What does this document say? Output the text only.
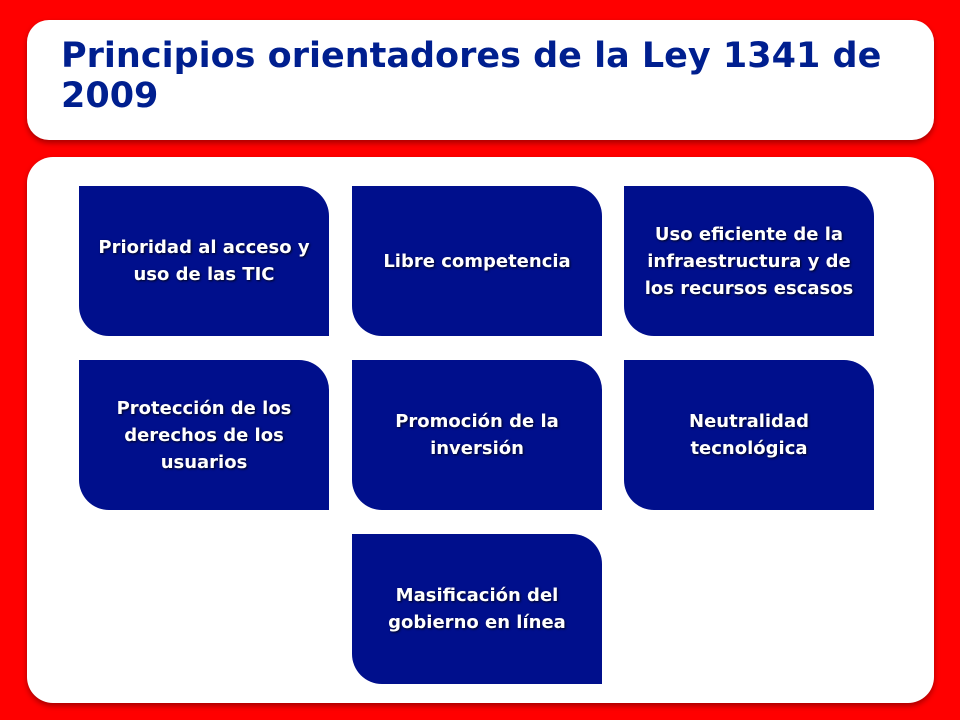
Principios orientadores de la Ley 1341 de 2009
Prioridad al acceso y uso de las TIC
Libre competencia
Uso eficiente de la infraestructura y de los recursos escasos
Protección de los derechos de los usuarios
Promoción de la inversión
Neutralidad tecnológica
Masificación del gobierno en línea
